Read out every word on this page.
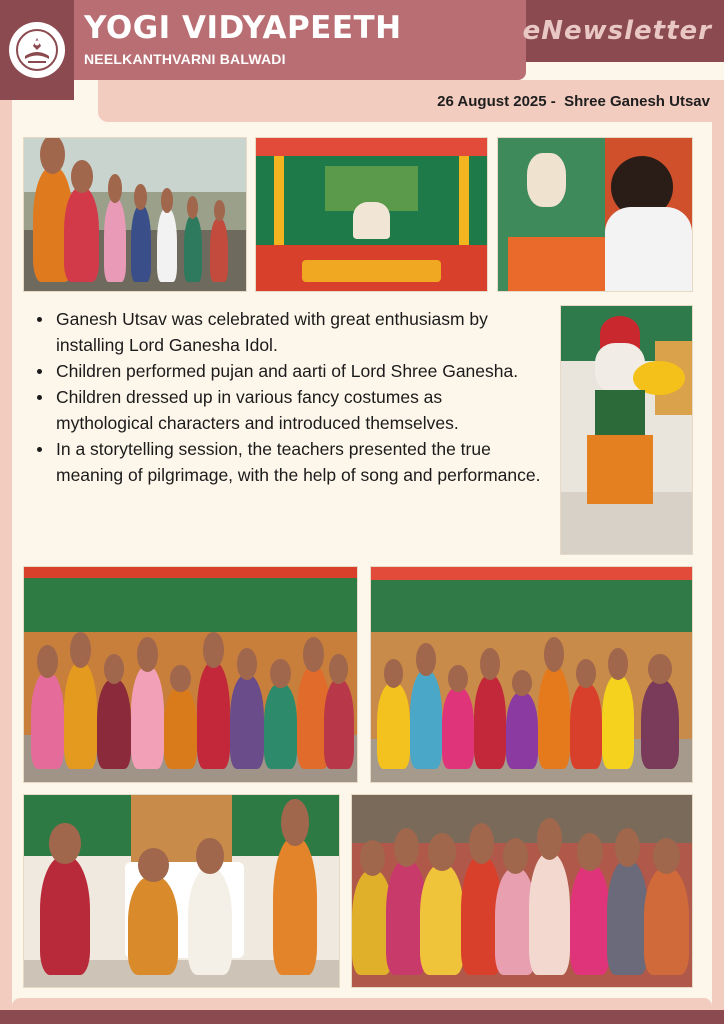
YOGI VIDYAPEETH
NEELKANTHVARNI BALWADI
eNewsletter
26 August 2025 -  Shree Ganesh Utsav
Ganesh Utsav was celebrated with great enthusiasm by installing Lord Ganesha Idol.
Children performed pujan and aarti of Lord Shree Ganesha.
Children dressed up in various fancy costumes as mythological characters and introduced themselves.
In a storytelling session, the teachers presented the true meaning of pilgrimage, with the help of song and performance.
